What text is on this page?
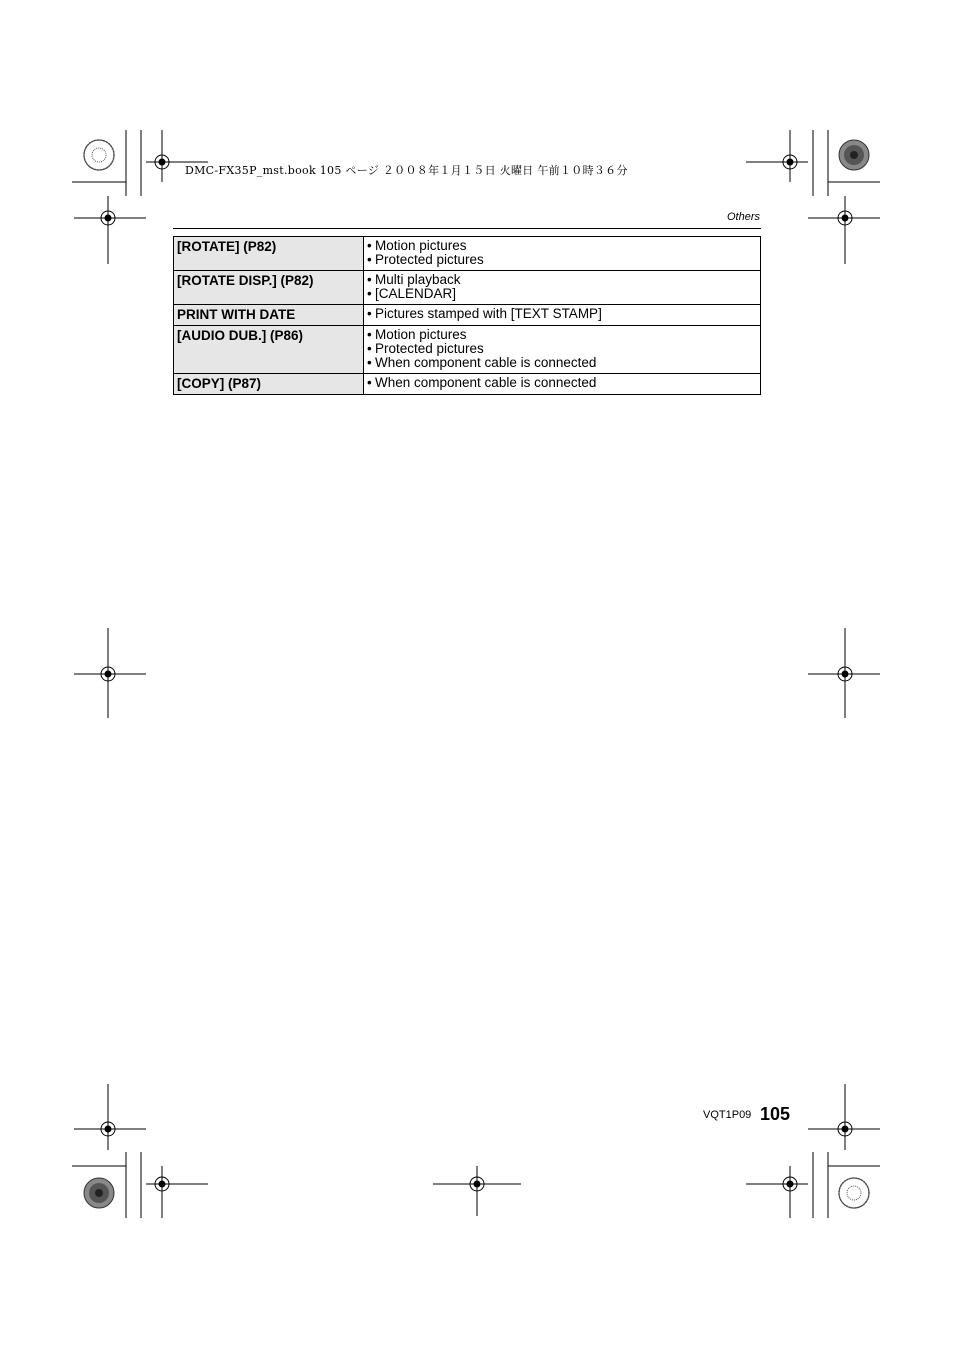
DMC-FX35P_mst.book 105 ページ ２００８年１月１５日 火曜日 午前１０時３６分
Others
[ROTATE] (P82)	• Motion pictures
• Protected pictures

[ROTATE DISP.] (P82)	• Multi playback
• [CALENDAR]

PRINT WITH DATE	• Pictures stamped with [TEXT STAMP]

[AUDIO DUB.] (P86)	• Motion pictures
• Protected pictures
• When component cable is connected

[COPY] (P87)	• When component cable is connected
VQT1P09 105
